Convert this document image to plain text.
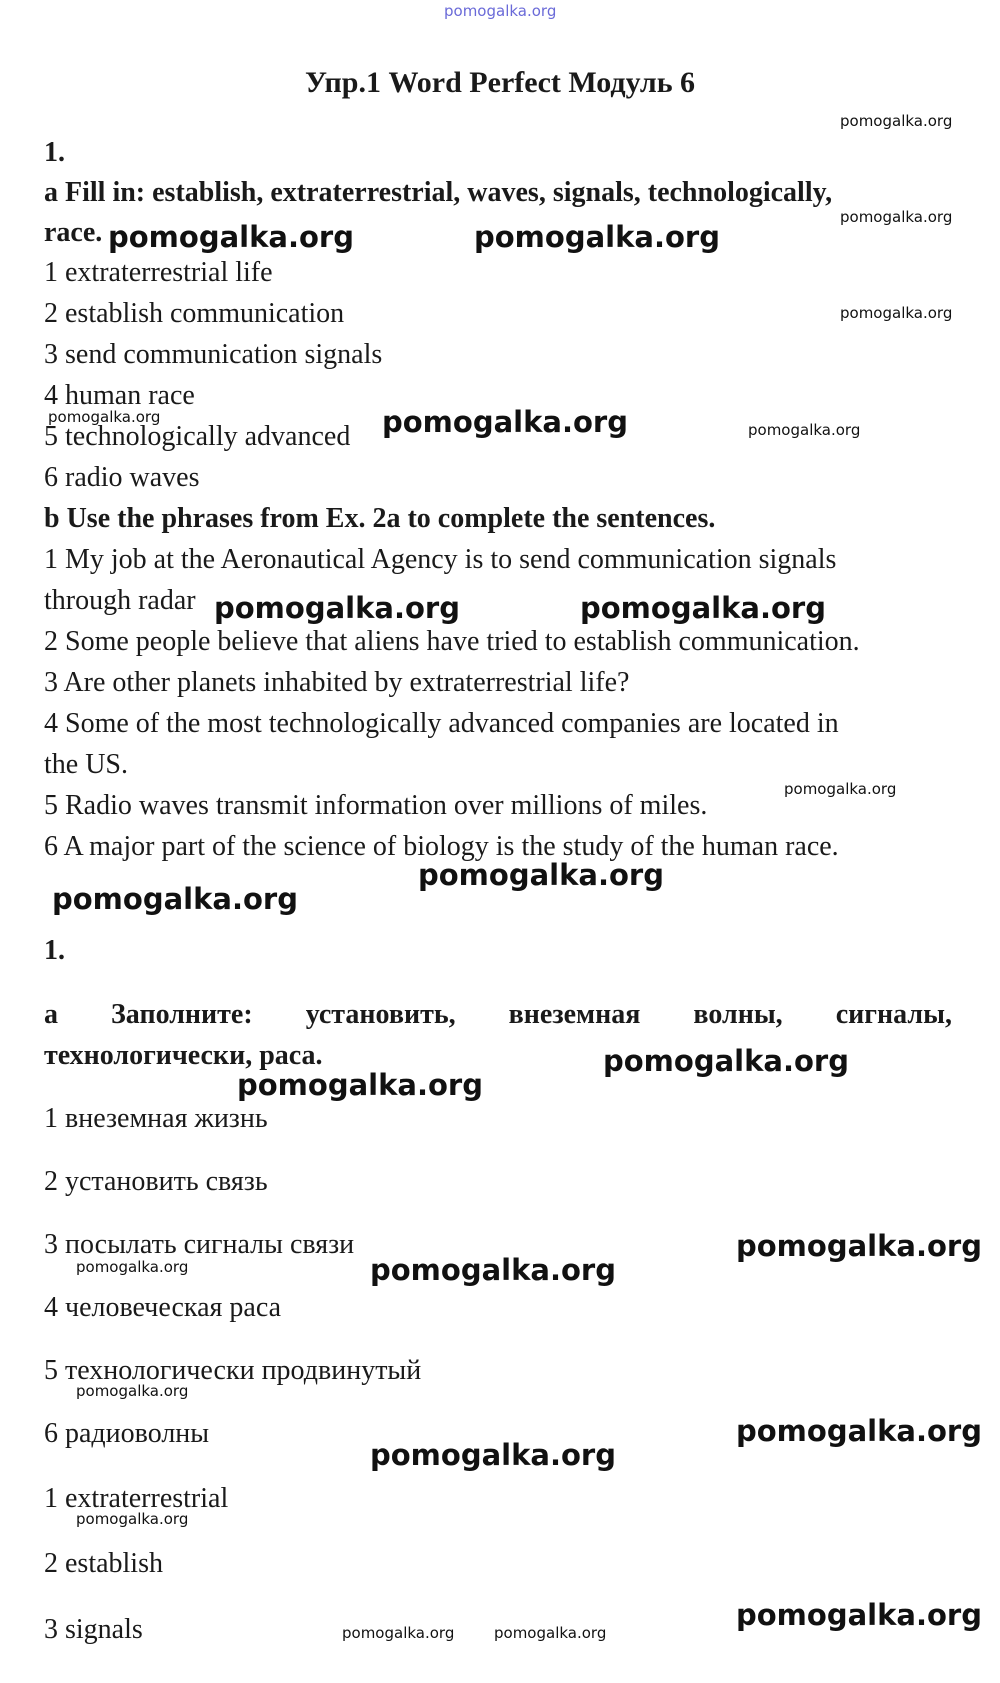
pomogalka.org
Упр.1 Word Perfect Модуль 6
1.
a Fill in: establish, extraterrestrial, waves, signals, technologically,
race.
1 extraterrestrial life
2 establish communication
3 send communication signals
4 human race
5 technologically advanced
6 radio waves
b Use the phrases from Ex. 2a to complete the sentences.
1 My job at the Aeronautical Agency is to send communication signals
through radar
2 Some people believe that aliens have tried to establish communication.
3 Are other planets inhabited by extraterrestrial life?
4 Some of the most technologically advanced companies are located in
the US.
5 Radio waves transmit information over millions of miles.
6 A major part of the science of biology is the study of the human race.
1.
a Заполните: установить, внеземная волны, сигналы,
технологически, раса.
1 внеземная жизнь
2 установить связь
3 посылать сигналы связи
4 человеческая раса
5 технологически продвинутый
6 радиоволны
1 extraterrestrial
2 establish
3 signals
pomogalka.org
pomogalka.org
pomogalka.org	pomogalka.org
pomogalka.org
pomogalka.org	pomogalka.org	pomogalka.org
pomogalka.org	pomogalka.org
pomogalka.org
pomogalka.org
pomogalka.org
pomogalka.org
pomogalka.org
pomogalka.org
pomogalka.org	pomogalka.org
pomogalka.org
pomogalka.org
pomogalka.org
pomogalka.org
pomogalka.org
pomogalka.org	pomogalka.org
